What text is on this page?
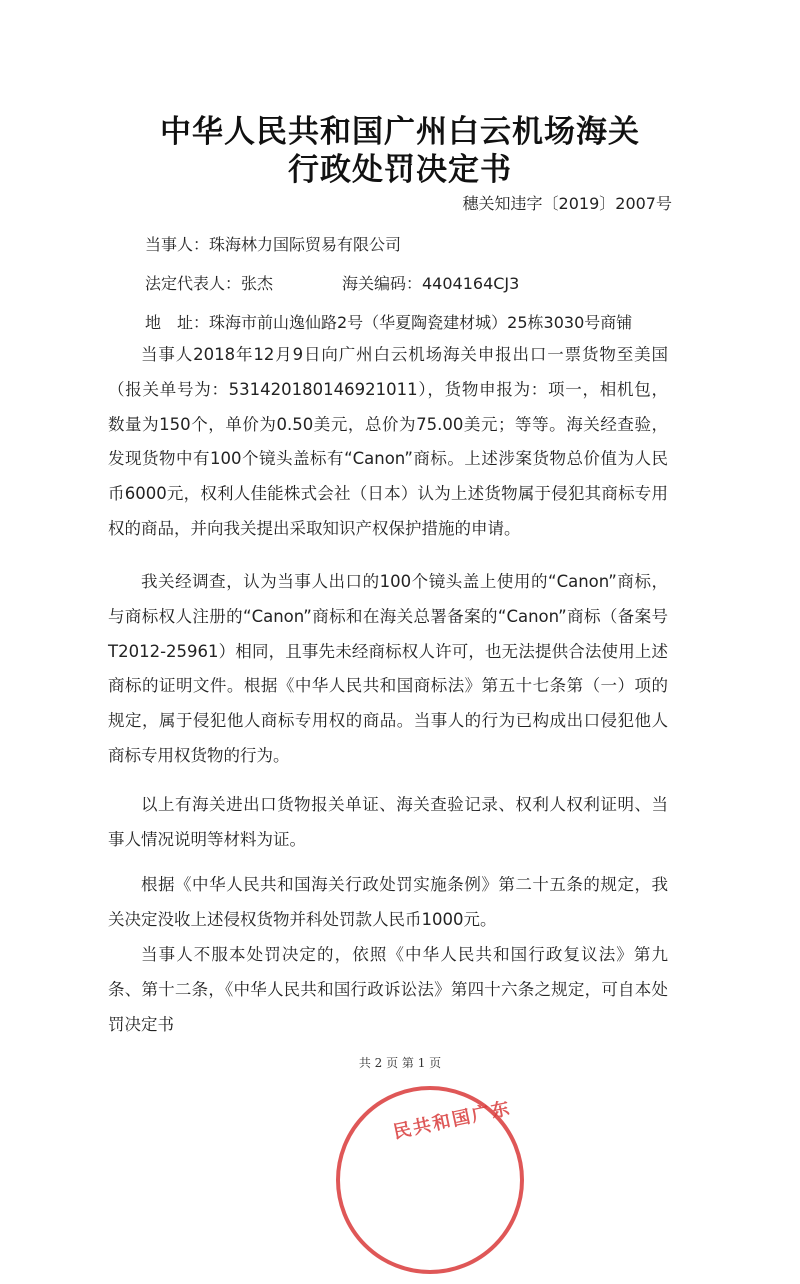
中华人民共和国广州白云机场海关
行政处罚决定书
穗关知违字〔2019〕2007号
当事人：珠海林力国际贸易有限公司
法定代表人：张杰	海关编码：4404164CJ3
地　址：珠海市前山逸仙路2号（华夏陶瓷建材城）25栋3030号商铺

当事人2018年12月9日向广州白云机场海关申报出口一票货物至美国（报关单号为：531420180146921011），货物申报为：项一，相机包，数量为150个，单价为0.50美元，总价为75.00美元；等等。海关经查验，发现货物中有100个镜头盖标有“Canon”商标。上述涉案货物总价值为人民币6000元，权利人佳能株式会社（日本）认为上述货物属于侵犯其商标专用权的商品，并向我关提出采取知识产权保护措施的申请。

我关经调查，认为当事人出口的100个镜头盖上使用的“Canon”商标，与商标权人注册的“Canon”商标和在海关总署备案的“Canon”商标（备案号T2012-25961）相同，且事先未经商标权人许可，也无法提供合法使用上述商标的证明文件。根据《中华人民共和国商标法》第五十七条第（一）项的规定，属于侵犯他人商标专用权的商品。当事人的行为已构成出口侵犯他人商标专用权货物的行为。

以上有海关进出口货物报关单证、海关查验记录、权利人权利证明、当事人情况说明等材料为证。

根据《中华人民共和国海关行政处罚实施条例》第二十五条的规定，我关决定没收上述侵权货物并科处罚款人民币1000元。

当事人不服本处罚决定的，依照《中华人民共和国行政复议法》第九条、第十二条，《中华人民共和国行政诉讼法》第四十六条之规定，可自本处罚决定书

共 2 页 第 1 页
民共和国广东
